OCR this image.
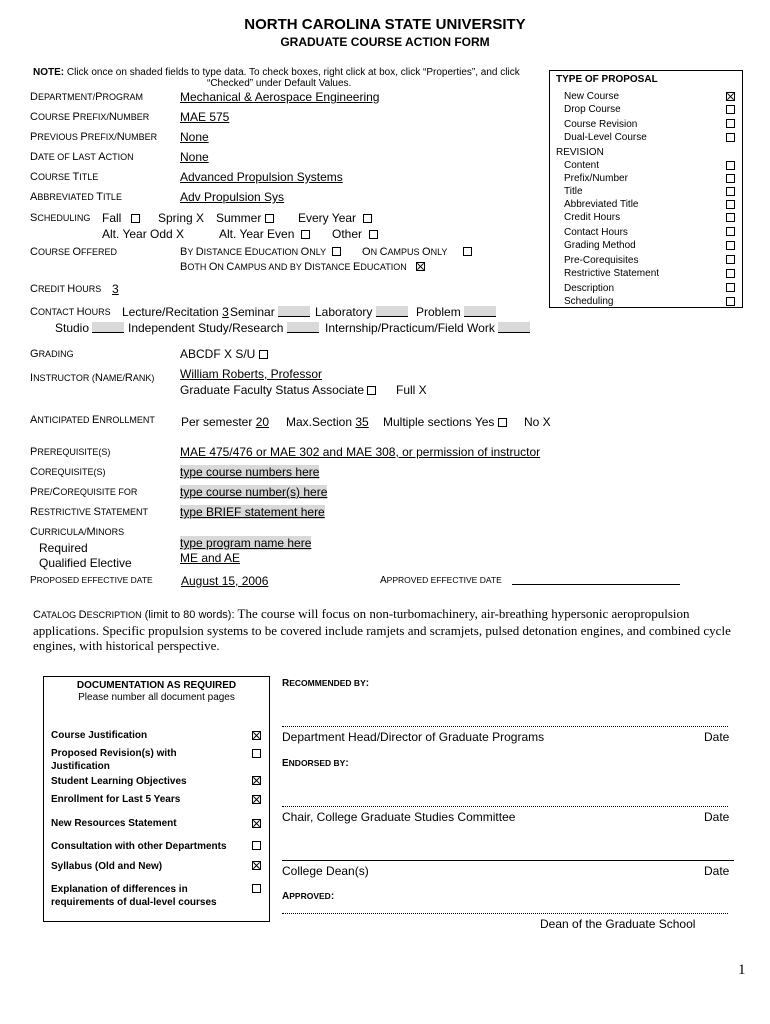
NORTH CAROLINA STATE UNIVERSITY
GRADUATE COURSE ACTION FORM
NOTE: Click once on shaded fields to type data. To check boxes, right click at box, click “Properties”, and click
“Checked” under Default Values.
DEPARTMENT/PROGRAM	Mechanical & Aerospace Engineering
COURSE PREFIX/NUMBER	MAE 575
PREVIOUS PREFIX/NUMBER None
DATE OF LAST ACTION	None
COURSE TITLE	Advanced Propulsion Systems
ABBREVIATED TITLE	Adv Propulsion Sys
SCHEDULING Fall	Spring X Summer	Every Year
Alt. Year Odd X	Alt. Year Even	Other
COURSE OFFERED	BY DISTANCE EDUCATION ONLY	ON CAMPUS ONLY
BOTH ON CAMPUS AND BY DISTANCE EDUCATION
CREDIT HOURS 3
CONTACT HOURS Lecture/Recitation 3 Seminar	Laboratory	Problem
Studio	Independent Study/Research	Internship/Practicum/Field Work
GRADING	ABCDF X S/U
INSTRUCTOR (NAME/RANK) William Roberts, Professor
Graduate Faculty Status Associate	Full X
ANTICIPATED ENROLLMENT Per semester 20 Max.Section 35 Multiple sections Yes	No X
PREREQUISITE(S)	MAE 475/476 or MAE 302 and MAE 308, or permission of instructor
COREQUISITE(S)	type course numbers here
PRE/COREQUISITE FOR	type course number(s) here
RESTRICTIVE STATEMENT	type BRIEF statement here
CURRICULA/MINORS
Required	type program name here
Qualified Elective	ME and AE
PROPOSED EFFECTIVE DATE August 15, 2006	APPROVED EFFECTIVE DATE
CATALOG DESCRIPTION (limit to 80 words): The course will focus on non-turbomachinery, air-breathing hypersonic aeropropulsion applications. Specific propulsion systems to be covered include ramjets and scramjets, pulsed detonation engines, and combined cycle engines, with historical perspective.
TYPE OF PROPOSAL
New Course
Drop Course
Course Revision
Dual-Level Course
REVISION
Content
Prefix/Number
Title
Abbreviated Title
Credit Hours
Contact Hours
Grading Method
Pre-Corequisites
Restrictive Statement
Description
Scheduling
DOCUMENTATION AS REQUIRED
Please number all document pages
Course Justification
Proposed Revision(s) with Justification
Student Learning Objectives
Enrollment for Last 5 Years
New Resources Statement
Consultation with other Departments
Syllabus (Old and New)
Explanation of differences in requirements of dual-level courses
RECOMMENDED BY:
Department Head/Director of Graduate Programs	Date
ENDORSED BY:
Chair, College Graduate Studies Committee	Date
College Dean(s)	Date
APPROVED:
Dean of the Graduate School
1
